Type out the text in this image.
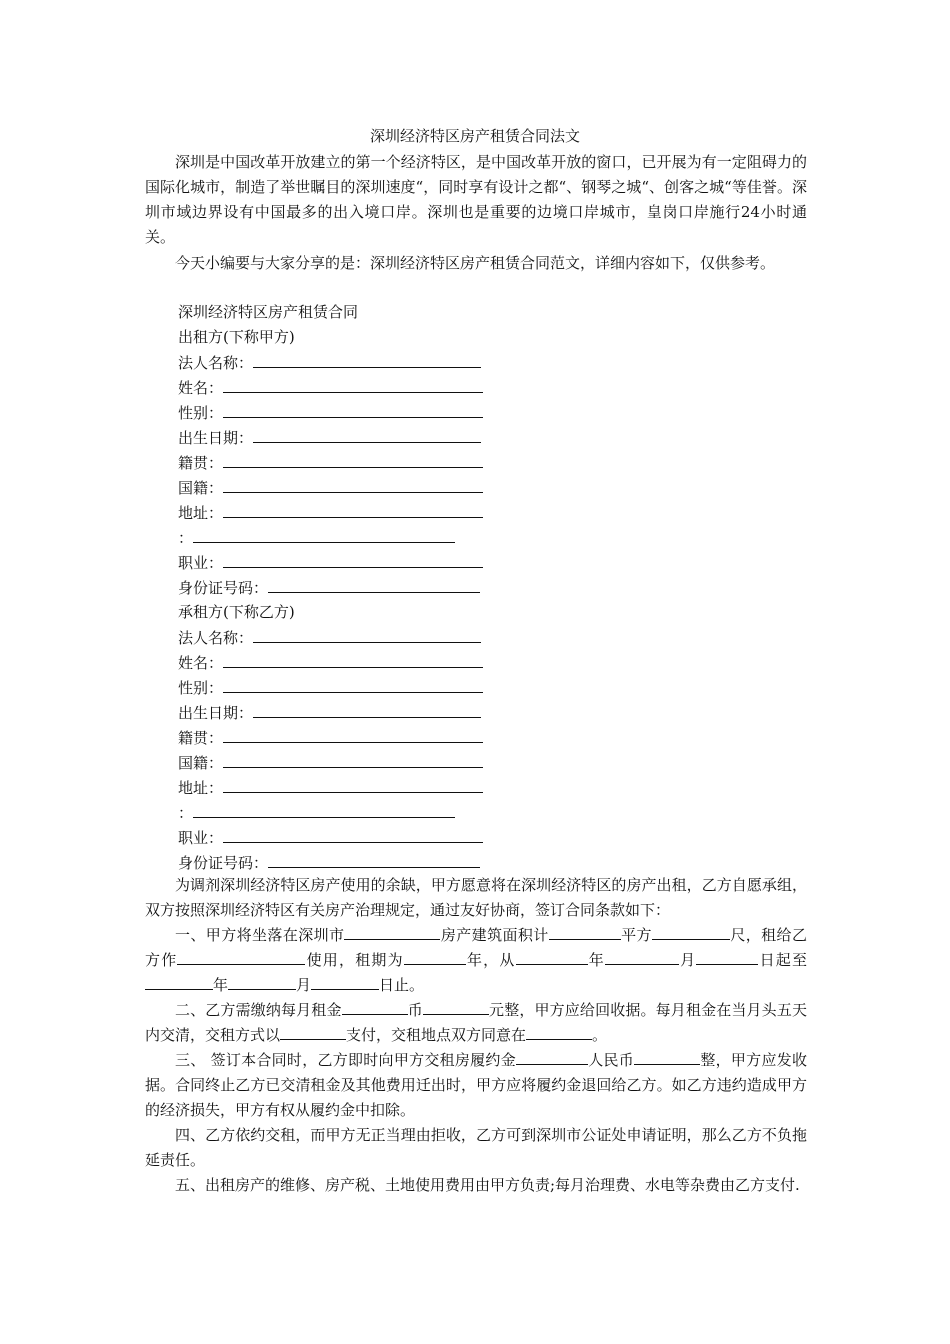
深圳经济特区房产租赁合同法文

深圳是中国改革开放建立的第一个经济特区，是中国改革开放的窗口，已开展为有一定阻碍力的国际化城市，制造了举世瞩目的深圳速度“，同时享有设计之都“、钢琴之城“、创客之城“等佳誉。深圳市域边界设有中国最多的出入境口岸。深圳也是重要的边境口岸城市，皇岗口岸施行24小时通关。

今天小编要与大家分享的是：深圳经济特区房产租赁合同范文，详细内容如下，仅供参考。

深圳经济特区房产租赁合同
出租方(下称甲方)
法人名称：
姓名：
性别：
出生日期：
籍贯：
国籍：
地址：
：
职业：
身份证号码：
承租方(下称乙方)
法人名称：
姓名：
性别：
出生日期：
籍贯：
国籍：
地址：
：
职业：
身份证号码：

为调剂深圳经济特区房产使用的余缺，甲方愿意将在深圳经济特区的房产出租，乙方自愿承组，双方按照深圳经济特区有关房产治理规定，通过友好协商，签订合同条款如下：

一、甲方将坐落在深圳市	房产建筑面积计	平方	尺，租给乙方作	使用，租期为	年，从	年	月	日起至年	月	日止。

二、乙方需缴纳每月租金	币	元整，甲方应给回收据。每月租金在当月头五天内交清，交租方式以	支付，交租地点双方同意在	。

三、 签订本合同时，乙方即时向甲方交租房履约金	人民币	整，甲方应发收据。合同终止乙方已交清租金及其他费用迁出时，甲方应将履约金退回给乙方。如乙方违约造成甲方的经济损失，甲方有权从履约金中扣除。

四、乙方依约交租，而甲方无正当理由拒收，乙方可到深圳市公证处申请证明，那么乙方不负拖延责任。

五、出租房产的维修、房产税、土地使用费用由甲方负责;每月治理费、水电等杂费由乙方支付.
